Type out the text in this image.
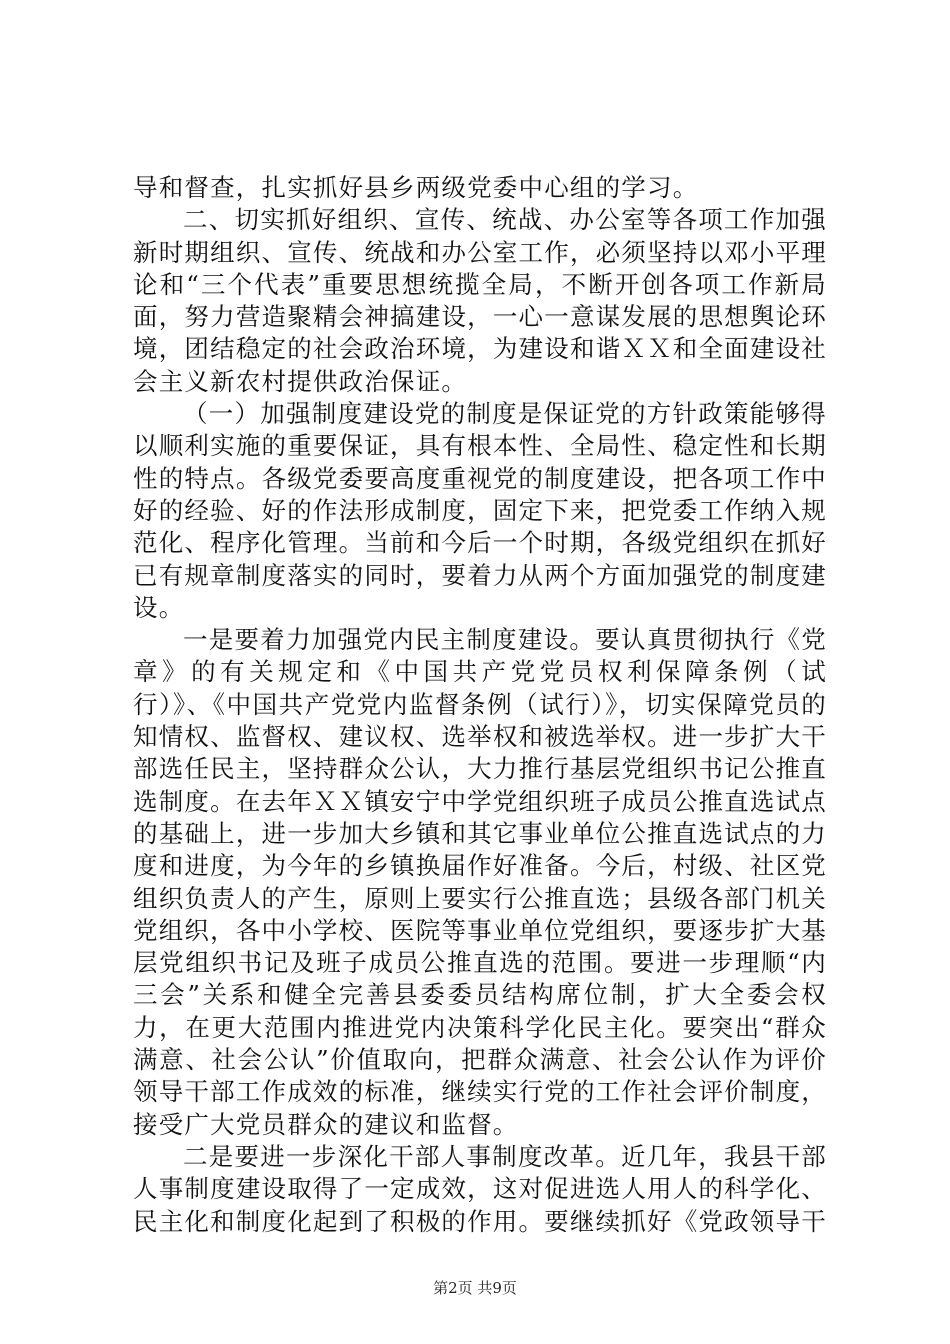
导和督查，扎实抓好县乡两级党委中心组的学习。

二、切实抓好组织、宣传、统战、办公室等各项工作加强新时期组织、宣传、统战和办公室工作，必须坚持以邓小平理论和“三个代表”重要思想统揽全局，不断开创各项工作新局面，努力营造聚精会神搞建设，一心一意谋发展的思想舆论环境，团结稳定的社会政治环境，为建设和谐ＸＸ和全面建设社会主义新农村提供政治保证。

（一）加强制度建设党的制度是保证党的方针政策能够得以顺利实施的重要保证，具有根本性、全局性、稳定性和长期性的特点。各级党委要高度重视党的制度建设，把各项工作中好的经验、好的作法形成制度，固定下来，把党委工作纳入规范化、程序化管理。当前和今后一个时期，各级党组织在抓好已有规章制度落实的同时，要着力从两个方面加强党的制度建设。

一是要着力加强党内民主制度建设。要认真贯彻执行《党章》的有关规定和《中国共产党党员权利保障条例（试行）》、《中国共产党党内监督条例（试行）》，切实保障党员的知情权、监督权、建议权、选举权和被选举权。进一步扩大干部选任民主，坚持群众公认，大力推行基层党组织书记公推直选制度。在去年ＸＸ镇安宁中学党组织班子成员公推直选试点的基础上，进一步加大乡镇和其它事业单位公推直选试点的力度和进度，为今年的乡镇换届作好准备。今后，村级、社区党组织负责人的产生，原则上要实行公推直选；县级各部门机关党组织，各中小学校、医院等事业单位党组织，要逐步扩大基层党组织书记及班子成员公推直选的范围。要进一步理顺“内三会”关系和健全完善县委委员结构席位制，扩大全委会权力，在更大范围内推进党内决策科学化民主化。要突出“群众满意、社会公认”价值取向，把群众满意、社会公认作为评价领导干部工作成效的标准，继续实行党的工作社会评价制度，接受广大党员群众的建议和监督。

二是要进一步深化干部人事制度改革。近几年，我县干部人事制度建设取得了一定成效，这对促进选人用人的科学化、民主化和制度化起到了积极的作用。要继续抓好《党政领导干

第2页 共9页
